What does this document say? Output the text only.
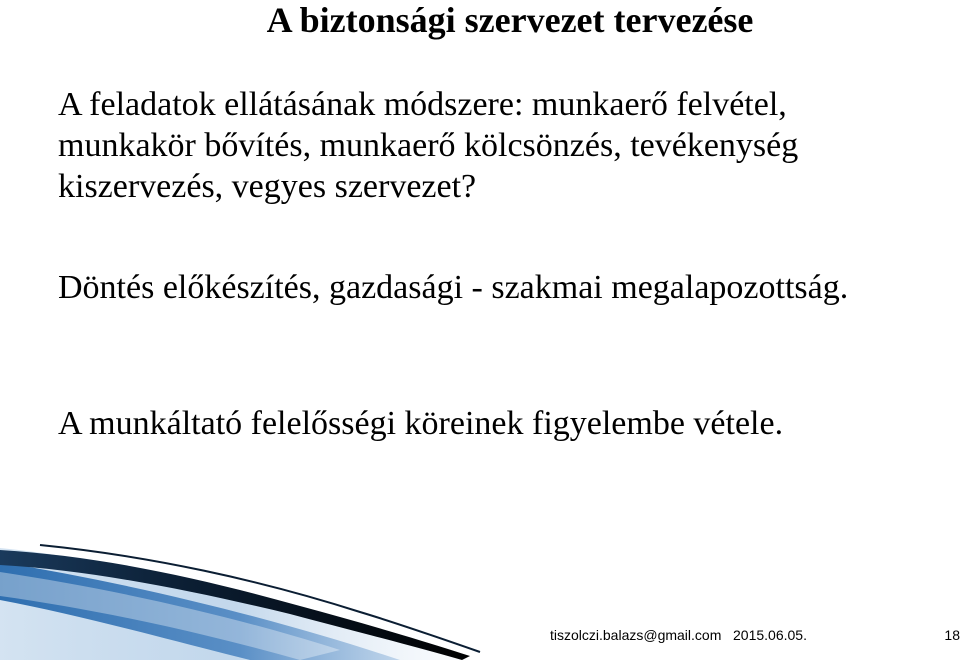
A biztonsági szervezet tervezése

A feladatok ellátásának módszere: munkaerő felvétel, munkakör bővítés, munkaerő kölcsönzés, tevékenység kiszervezés, vegyes szervezet?

Döntés előkészítés, gazdasági - szakmai megalapozottság.

A munkáltató felelősségi köreinek figyelembe vétele.

tiszolczi.balazs@gmail.com 2015.06.05.	18
